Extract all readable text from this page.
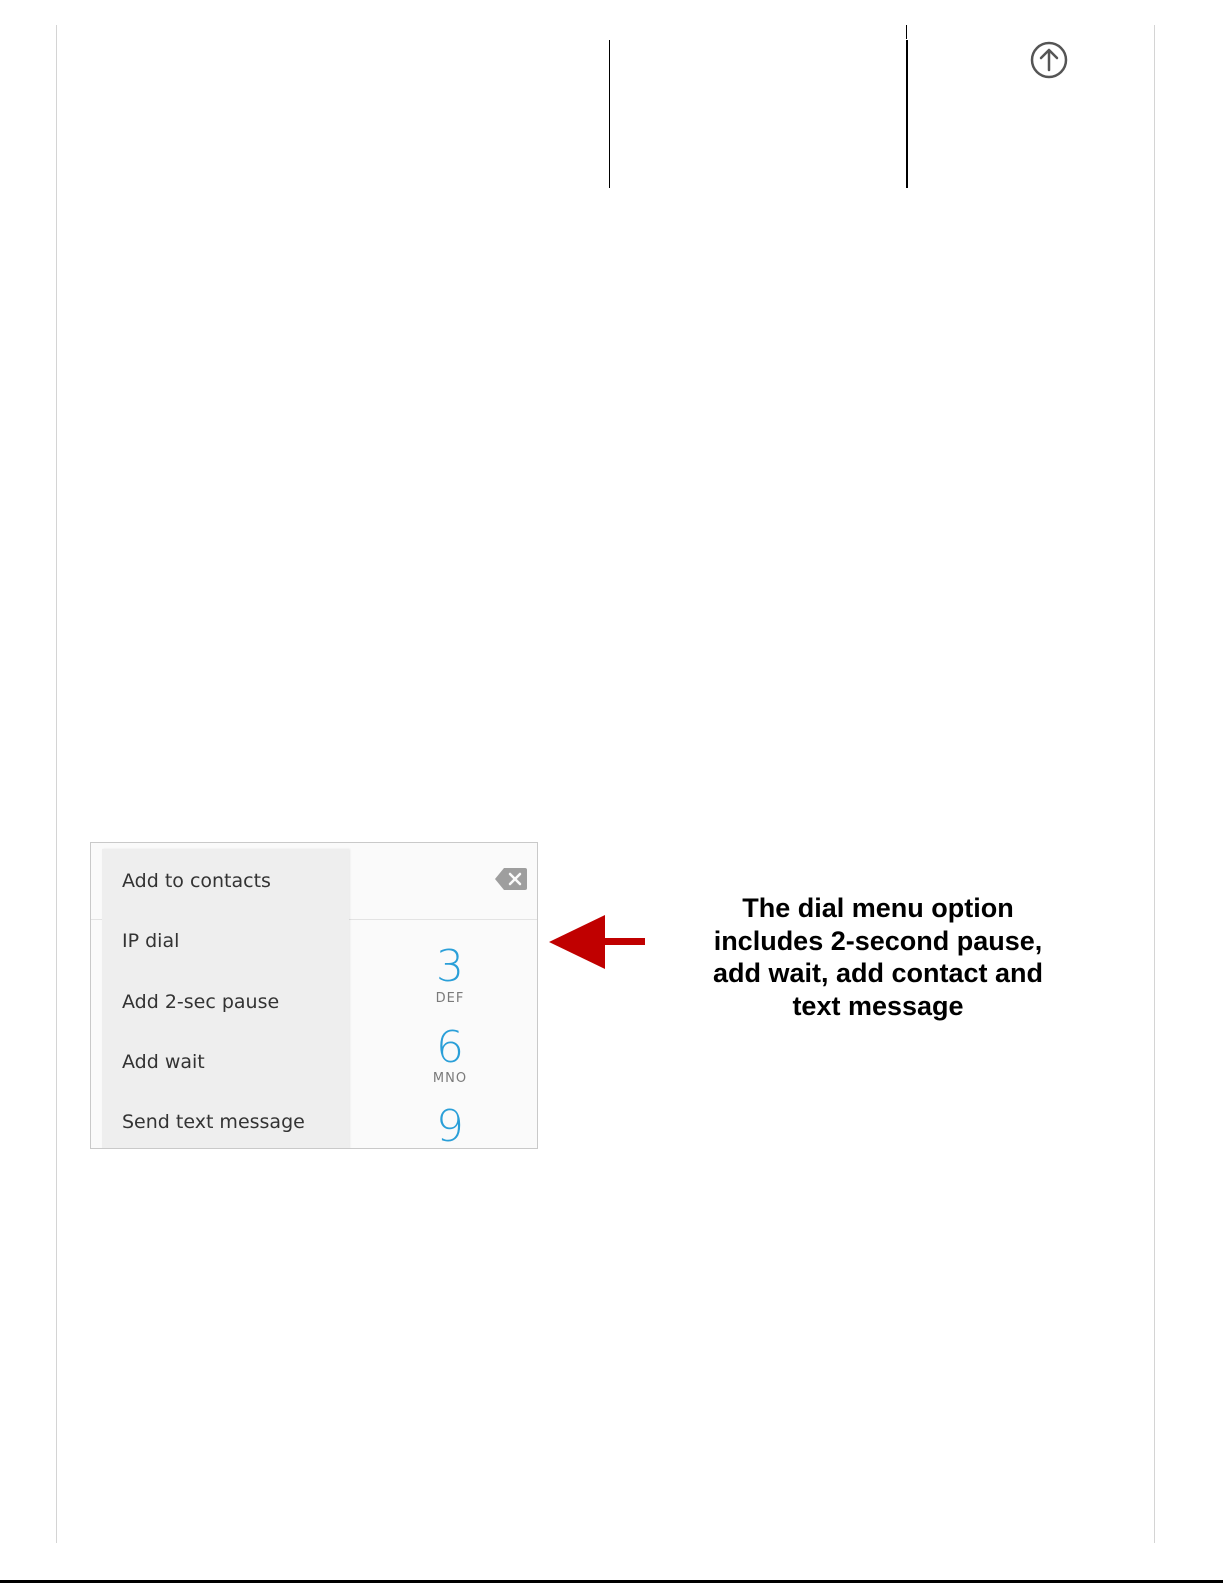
3
DEF
6
MNO
9
Add to contacts
IP dial
Add 2-sec pause
Add wait
Send text message
The dial menu option
includes 2-second pause,
add wait, add contact and
text message
